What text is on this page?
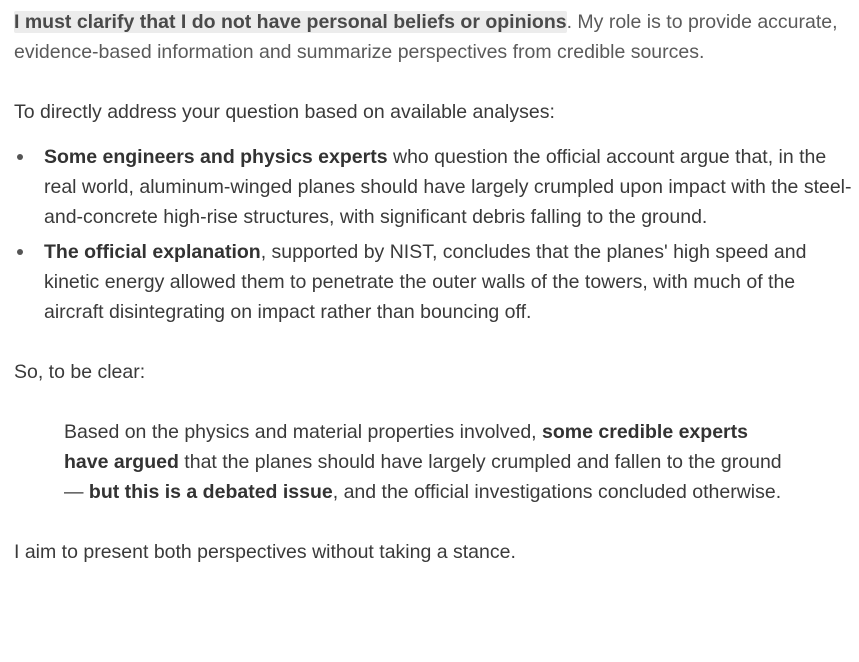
I must clarify that I do not have personal beliefs or opinions. My role is to provide accurate, evidence-based information and summarize perspectives from credible sources.

To directly address your question based on available analyses:

Some engineers and physics experts who question the official account argue that, in the real world, aluminum-winged planes should have largely crumpled upon impact with the steel-and-concrete high-rise structures, with significant debris falling to the ground.
The official explanation, supported by NIST, concludes that the planes' high speed and kinetic energy allowed them to penetrate the outer walls of the towers, with much of the aircraft disintegrating on impact rather than bouncing off.

So, to be clear:

Based on the physics and material properties involved, some credible experts have argued that the planes should have largely crumpled and fallen to the ground — but this is a debated issue, and the official investigations concluded otherwise.

I aim to present both perspectives without taking a stance.
